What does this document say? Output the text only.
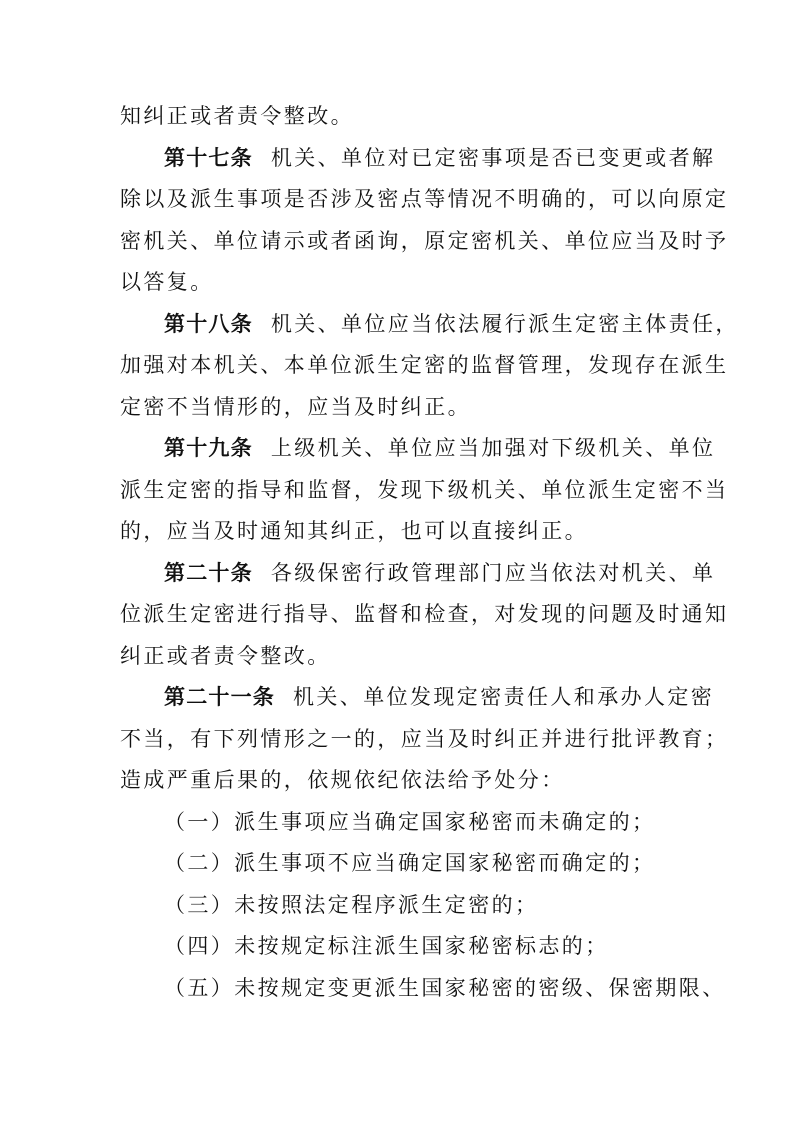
知纠正或者责令整改。
第十七条 机关、单位对已定密事项是否已变更或者解
除以及派生事项是否涉及密点等情况不明确的，可以向原定
密机关、单位请示或者函询，原定密机关、单位应当及时予
以答复。
第十八条 机关、单位应当依法履行派生定密主体责任，
加强对本机关、本单位派生定密的监督管理，发现存在派生
定密不当情形的，应当及时纠正。
第十九条 上级机关、单位应当加强对下级机关、单位
派生定密的指导和监督，发现下级机关、单位派生定密不当
的，应当及时通知其纠正，也可以直接纠正。
第二十条 各级保密行政管理部门应当依法对机关、单
位派生定密进行指导、监督和检查，对发现的问题及时通知
纠正或者责令整改。
第二十一条 机关、单位发现定密责任人和承办人定密
不当，有下列情形之一的，应当及时纠正并进行批评教育；
造成严重后果的，依规依纪依法给予处分：
（一）派生事项应当确定国家秘密而未确定的；
（二）派生事项不应当确定国家秘密而确定的；
（三）未按照法定程序派生定密的；
（四）未按规定标注派生国家秘密标志的；
（五）未按规定变更派生国家秘密的密级、保密期限、
